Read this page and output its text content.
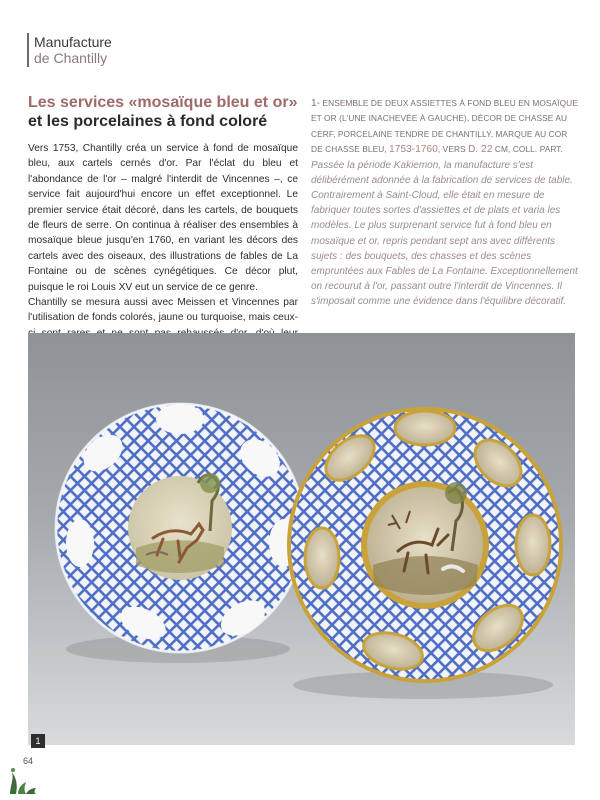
Manufacture
de Chantilly
Les services «mosaïque bleu et or»
et les porcelaines à fond coloré

Vers 1753, Chantilly créa un service à fond de mosaïque bleu, aux cartels cernés d'or. Par l'éclat du bleu et l'abondance de l'or – malgré l'interdit de Vincennes –, ce service fait aujourd'hui encore un effet exceptionnel. Le premier service était décoré, dans les cartels, de bouquets de fleurs de serre. On continua à réaliser des ensembles à mosaïque bleue jusqu'en 1760, en variant les décors des cartels avec des oiseaux, des illustrations de fables de La Fontaine ou de scènes cynégétiques. Ce décor plut, puisque le roi Louis XV eut un service de ce genre.

Chantilly se mesura aussi avec Meissen et Vincennes par l'utilisation de fonds colorés, jaune ou turquoise, mais ceux-

1- ENSEMBLE DE DEUX ASSIETTES À FOND BLEU EN MOSAÏQUE ET OR (L'UNE INACHEVÉE À GAUCHE), DÉCOR DE CHASSE AU CERF, PORCELAINE TENDRE DE CHANTILLY, MARQUE AU COR DE CHASSE BLEU, 1753-1760, VERS D. 22 CM, COLL. PART.
Passée la période Kakiemon, la manufacture s'est délibérément adonnée à la fabrication de services de table. Contrairement à Saint-Cloud, elle était en mesure de fabriquer toutes sortes d'assiettes et de plats et varia les modèles. Le plus surprenant service fut à fond bleu en mosaïque et or, repris pendant sept ans avec différents sujets : des bouquets, des chasses et des scènes empruntées aux Fables de La Fontaine. Exceptionnellement on recourut à l'or, passant outre l'interdit de Vincennes. Il s'imposait comme une évidence dans l'équilibre décoratif.
1
64
